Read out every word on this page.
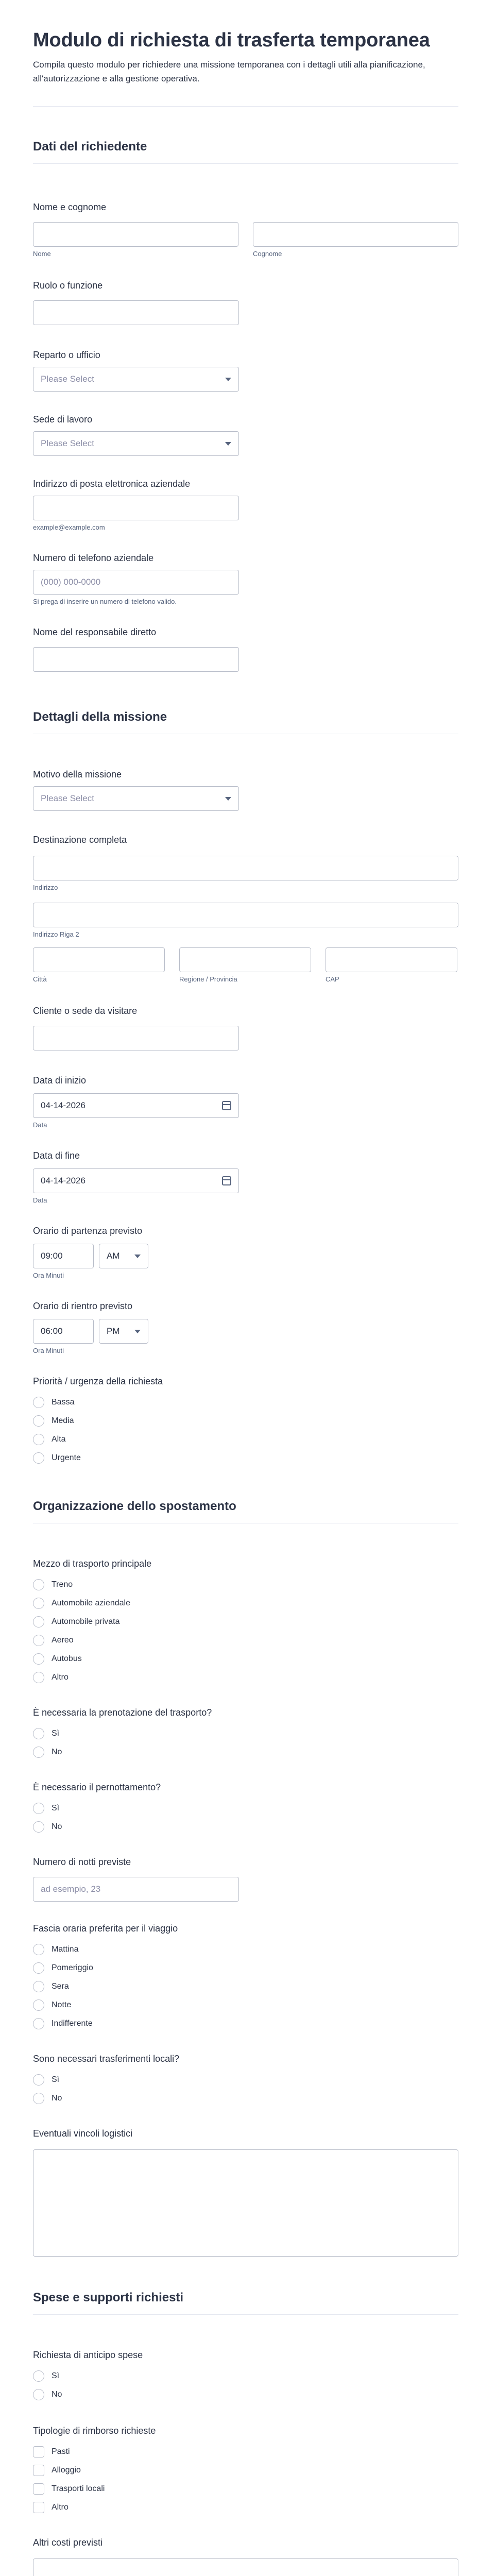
Modulo di richiesta di trasferta temporanea

Compila questo modulo per richiedere una missione temporanea con i dettagli utili alla pianificazione, all'autorizzazione e alla gestione operativa.

Dati del richiedente
Nome e cognome
Nome	Cognome
Ruolo o funzione
Reparto o ufficio
Please Select
Sede di lavoro
Please Select
Indirizzo di posta elettronica aziendale
example@example.com
Numero di telefono aziendale
(000) 000-0000
Si prega di inserire un numero di telefono valido.
Nome del responsabile diretto
Dettagli della missione
Motivo della missione
Please Select
Destinazione completa
Indirizzo
Indirizzo Riga 2
Città	Regione / Provincia	CAP
Cliente o sede da visitare
Data di inizio
04-14-2026
Data
Data di fine
04-14-2026
Data
Orario di partenza previsto
09:00	AM
Ora Minuti
Orario di rientro previsto
06:00	PM
Ora Minuti
Priorità / urgenza della richiesta
Bassa
Media
Alta
Urgente
Organizzazione dello spostamento
Mezzo di trasporto principale
Treno
Automobile aziendale
Automobile privata
Aereo
Autobus
Altro
È necessaria la prenotazione del trasporto?
Sì
No
È necessario il pernottamento?
Sì
No
Numero di notti previste
ad esempio, 23
Fascia oraria preferita per il viaggio
Mattina
Pomeriggio
Sera
Notte
Indifferente
Sono necessari trasferimenti locali?
Sì
No
Eventuali vincoli logistici
Spese e supporti richiesti
Richiesta di anticipo spese
Sì
No
Tipologie di rimborso richieste
Pasti
Alloggio
Trasporti locali
Altro
Altri costi previsti
